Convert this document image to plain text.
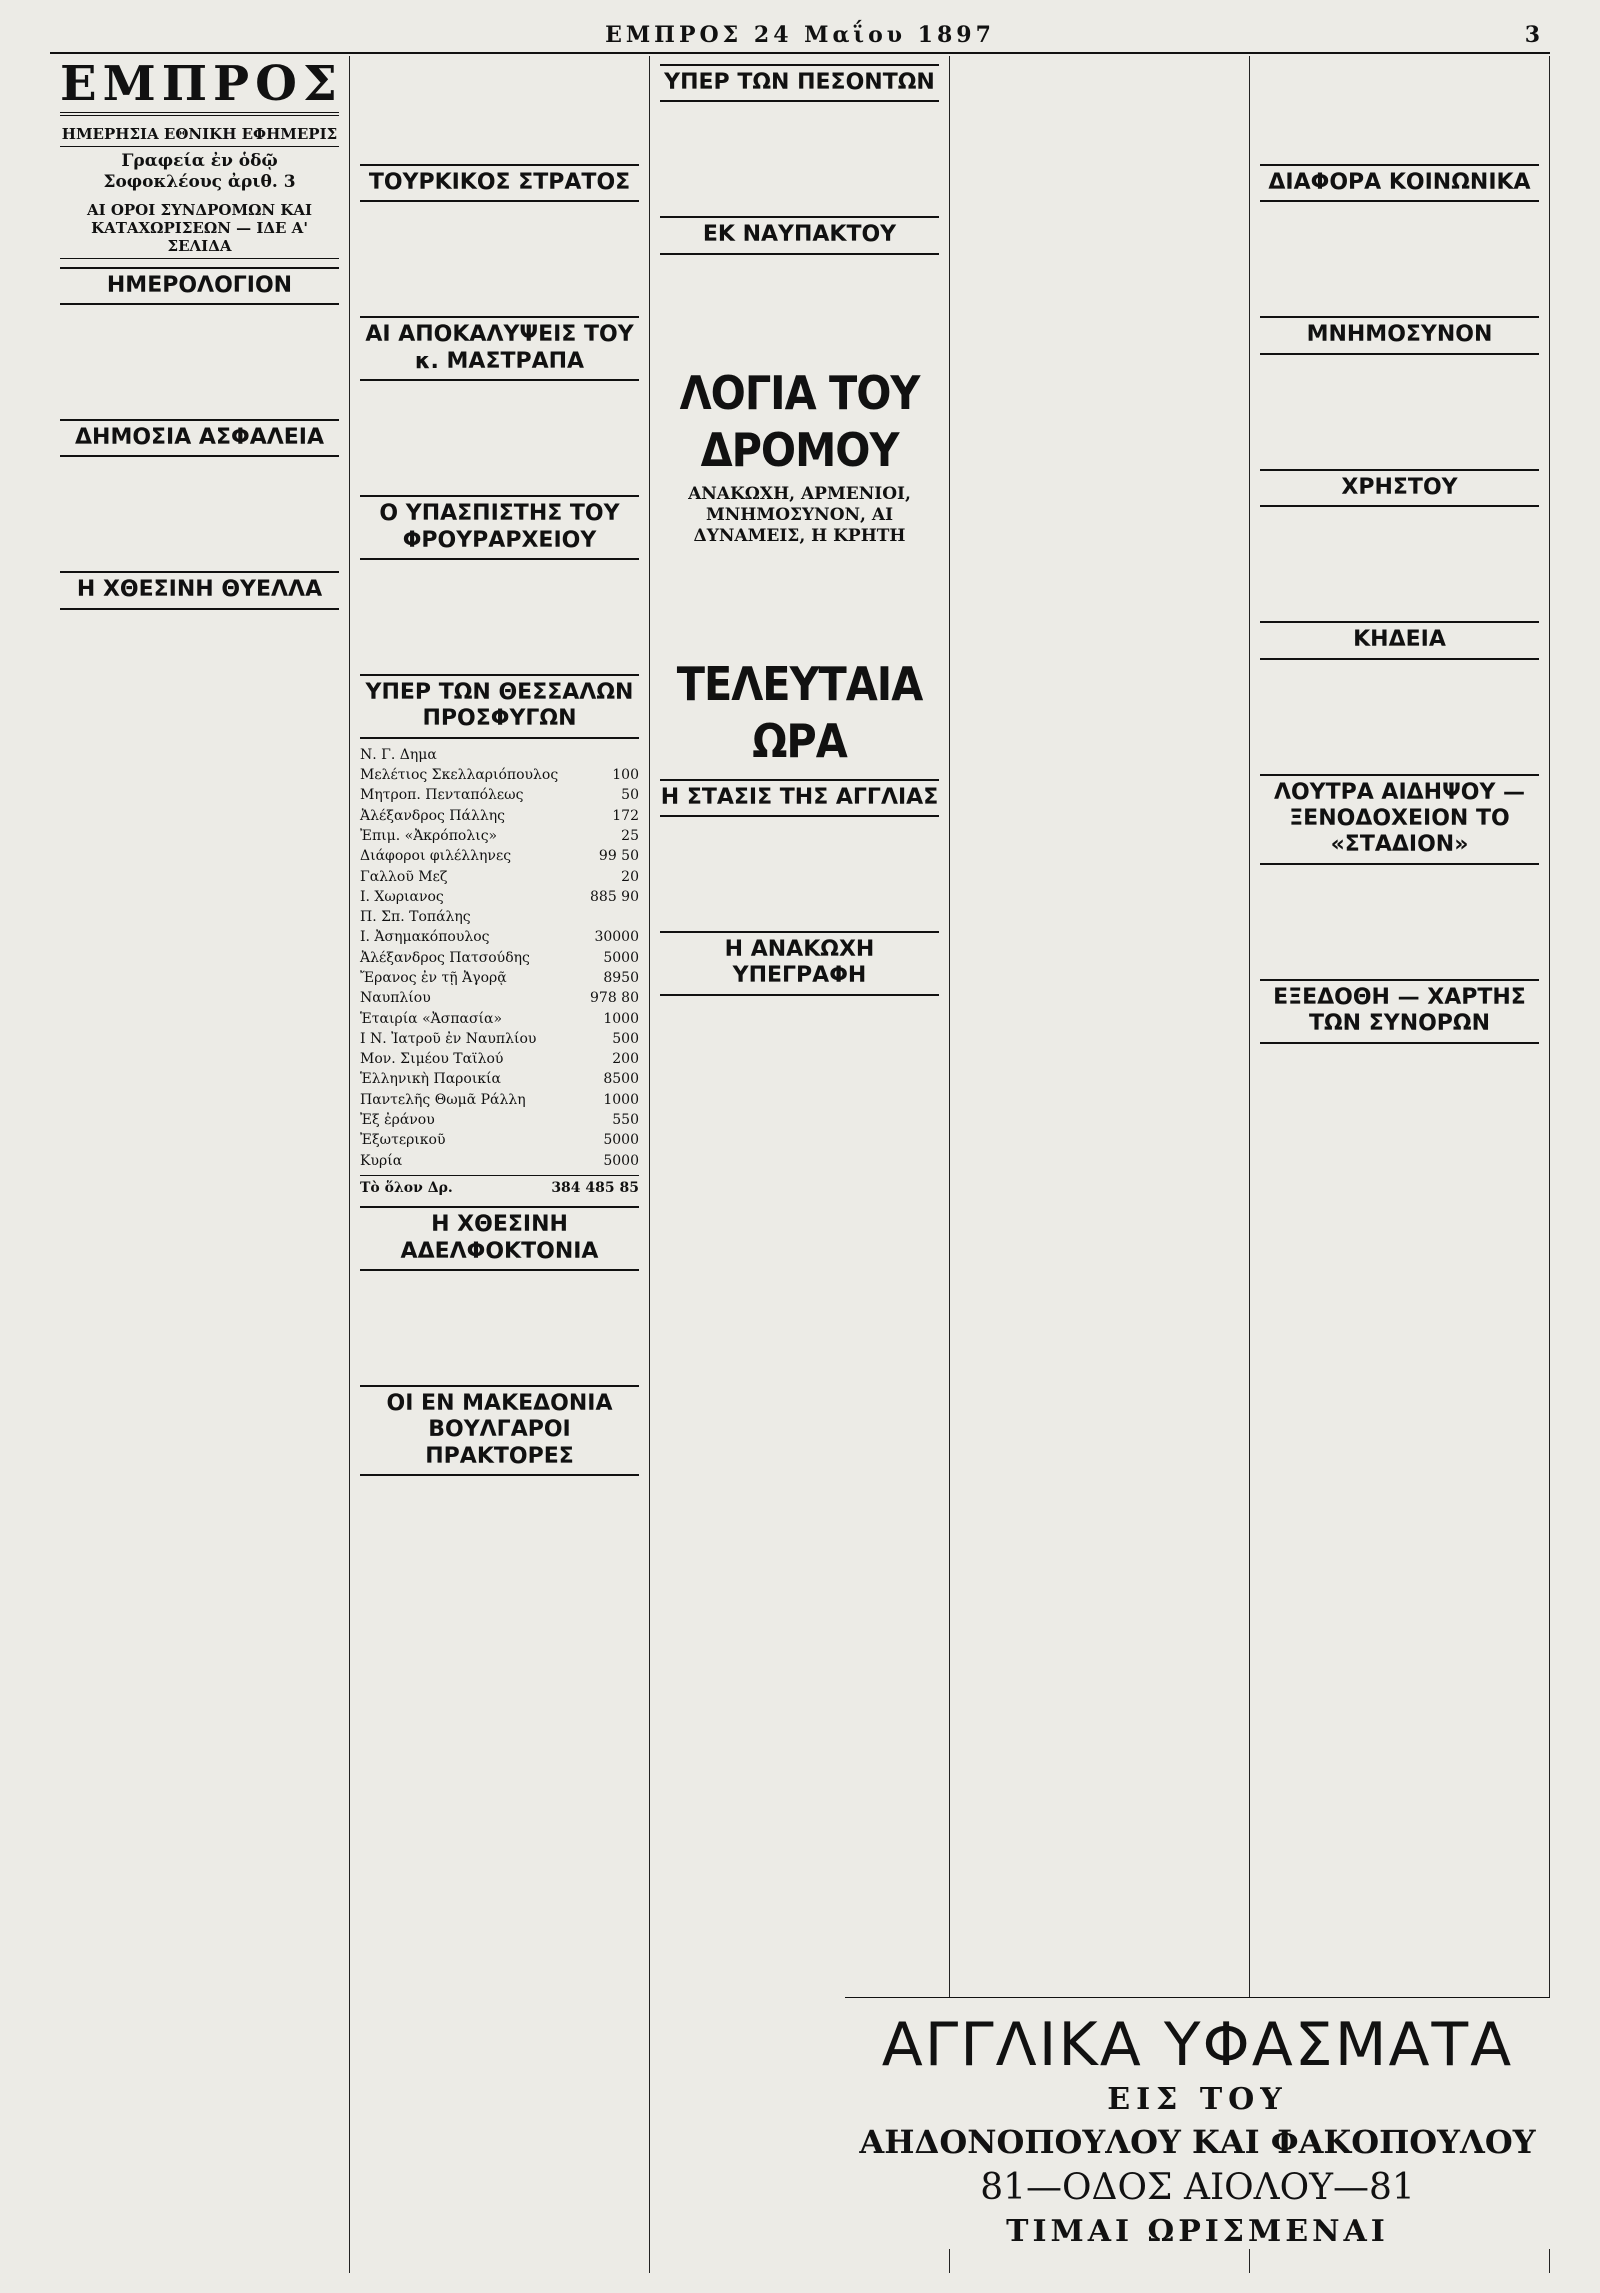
ΕΜΠΡΟΣ 24 Μαΐου 1897	3
ΕΜΠΡΟΣ
ΗΜΕΡΗΣΙΑ ΕΘΝΙΚΗ ΕΦΗΜΕΡΙΣ
Γραφεία ἐν ὁδῷ Σοφοκλέους ἀριθ. 3
ΑΙ ΟΡΟΙ ΣΥΝΔΡΟΜΩΝ ΚΑΙ ΚΑΤΑΧΩΡΙΣΕΩΝ — ΙΔΕ Α' ΣΕΛΙΔΑ
ΗΜΕΡΟΛΟΓΙΟΝ
ΔΗΜΟΣΙΑ ΑΣΦΑΛΕΙΑ
Η ΧΘΕΣΙΝΗ ΘΥΕΛΛΑ
ΤΟΥΡΚΙΚΟΣ ΣΤΡΑΤΟΣ
ΑΙ ΑΠΟΚΑΛΥΨΕΙΣ ΤΟΥ κ. ΜΑΣΤΡΑΠΑ
Ο ΥΠΑΣΠΙΣΤΗΣ ΤΟΥ ΦΡΟΥΡΑΡΧΕΙΟΥ
ΥΠΕΡ ΤΩΝ ΘΕΣΣΑΛΩΝ ΠΡΟΣΦΥΓΩΝ
Ν. Γ. Δημα
Μελέτιος Σκελλαριόπουλος	100
Μητροπ. Πενταπόλεως	50
Ἀλέξανδρος Πάλλης	172
Ἐπιμ. «Ἀκρόπολις»	25
Διάφοροι φιλέλληνες	99 50
Γαλλοῦ Μεζ	20
Ι. Χωριανος	885 90
Π. Σπ. Τοπάλης
Ι. Ἀσημακόπουλος	30000
Ἀλέξανδρος Πατσούδης	5000
Ἔρανος ἐν τῇ Ἀγορᾷ	8950
Ναυπλίου	978 80
Ἑταιρία «Ἀσπασία»	1000
Ι Ν. Ἰατροῦ ἐν Ναυπλίου	500
Μον. Σιμέου Ταϊλού	200
Ἑλληνικὴ Παροικία	8500
Παντελῆς Θωμᾶ Ράλλη	1000
Ἐξ ἐράνου	550
Ἐξωτερικοῦ	5000
Κυρία	5000
Τὸ ὅλον Δρ.	384 485 85
Η ΧΘΕΣΙΝΗ ΑΔΕΛΦΟΚΤΟΝΙΑ
ΟΙ ΕΝ ΜΑΚΕΔΟΝΙΑ ΒΟΥΛΓΑΡΟΙ ΠΡΑΚΤΟΡΕΣ
ΥΠΕΡ ΤΩΝ ΠΕΣΟΝΤΩΝ
ΕΚ ΝΑΥΠΑΚΤΟΥ
ΛΟΓΙΑ ΤΟΥ ΔΡΟΜΟΥ
ΑΝΑΚΩΧΗ, ΑΡΜΕΝΙΟΙ, ΜΝΗΜΟΣΥΝΟΝ, ΑΙ ΔΥΝΑΜΕΙΣ, Η ΚΡΗΤΗ
ΤΕΛΕΥΤΑΙΑ ΩΡΑ
Η ΣΤΑΣΙΣ ΤΗΣ ΑΓΓΛΙΑΣ
Η ΑΝΑΚΩΧΗ ΥΠΕΓΡΑΦΗ
ΔΙΑΦΟΡΑ ΚΟΙΝΩΝΙΚΑ
ΜΝΗΜΟΣΥΝΟΝ
ΧΡΗΣΤΟΥ
ΚΗΔΕΙΑ
ΛΟΥΤΡΑ ΑΙΔΗΨΟΥ — ΞΕΝΟΔΟΧΕΙΟΝ ΤΟ «ΣΤΑΔΙΟΝ»
ΕΞΕΔΟΘΗ — ΧΑΡΤΗΣ ΤΩΝ ΣΥΝΟΡΩΝ
ΑΓΓΛΙΚΑ ΥΦΑΣΜΑΤΑ
ΕΙΣ ΤΟΥ
ΑΗΔΟΝΟΠΟΥΛΟΥ ΚΑΙ ΦΑΚΟΠΟΥΛΟΥ
81—ΟΔΟΣ ΑΙΟΛΟΥ—81
ΤΙΜΑΙ ΩΡΙΣΜΕΝΑΙ
